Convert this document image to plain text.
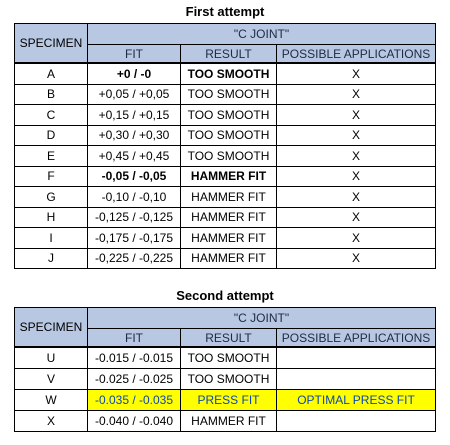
First attempt
SPECIMEN	"C JOINT"		
	FIT	RESULT	POSSIBLE APPLICATIONS
A	+0 / -0	TOO SMOOTH	X
B	+0,05 / +0,05	TOO SMOOTH	X
C	+0,15 / +0,15	TOO SMOOTH	X
D	+0,30 / +0,30	TOO SMOOTH	X
E	+0,45 / +0,45	TOO SMOOTH	X
F	-0,05 / -0,05	HAMMER FIT	X
G	-0,10 / -0,10	HAMMER FIT	X
H	-0,125 / -0,125	HAMMER FIT	X
I	-0,175 / -0,175	HAMMER FIT	X
J	-0,225 / -0,225	HAMMER FIT	X
Second attempt
SPECIMEN	"C JOINT"		
	FIT	RESULT	POSSIBLE APPLICATIONS
U	-0.015 / -0.015	TOO SMOOTH	
V	-0.025 / -0.025	TOO SMOOTH	
W	-0.035 / -0.035	PRESS FIT	OPTIMAL PRESS FIT
X	-0.040 / -0.040	HAMMER FIT	
